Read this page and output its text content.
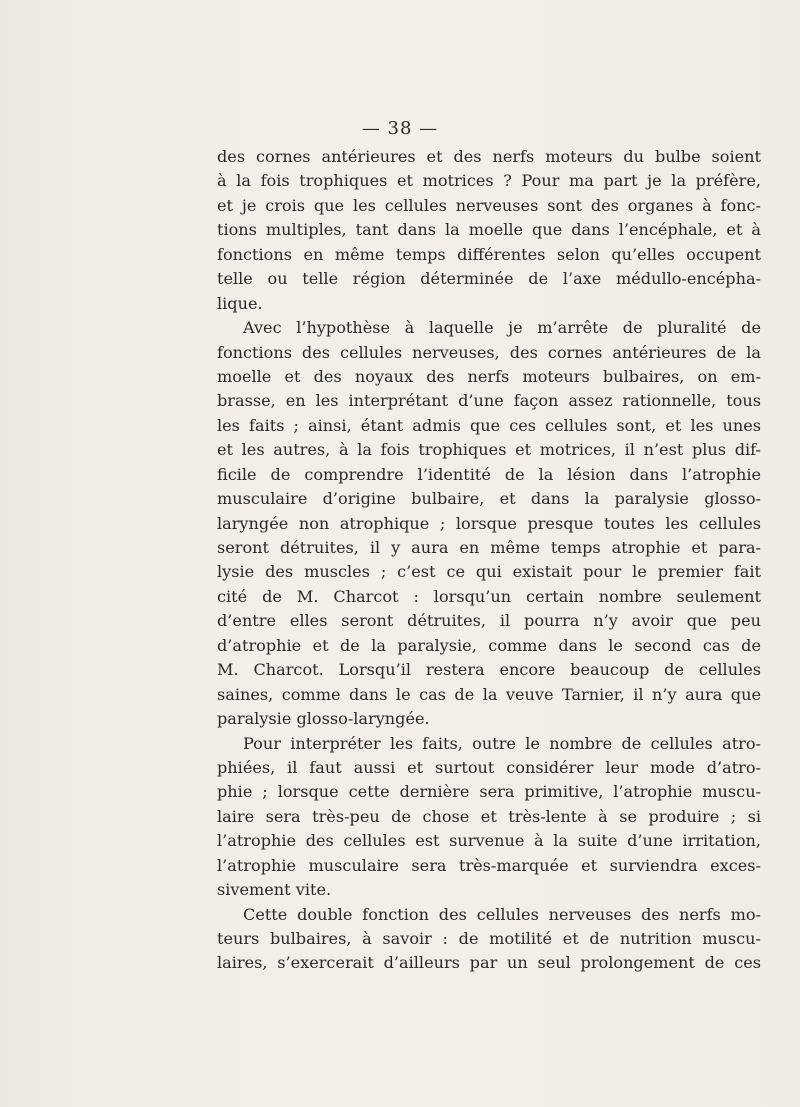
— 38 —
des cornes antérieures et des nerfs moteurs du bulbe soient
à la fois trophiques et motrices ? Pour ma part je la préfère,
et je crois que les cellules nerveuses sont des organes à fonc-
tions multiples, tant dans la moelle que dans l’encéphale, et à
fonctions en même temps différentes selon qu’elles occupent
telle ou telle région déterminée de l’axe médullo-encépha-
lique.
Avec l’hypothèse à laquelle je m’arrête de pluralité de
fonctions des cellules nerveuses, des cornes antérieures de la
moelle et des noyaux des nerfs moteurs bulbaires, on em-
brasse, en les interprétant d’une façon assez rationnelle, tous
les faits ; ainsi, étant admis que ces cellules sont, et les unes
et les autres, à la fois trophiques et motrices, il n’est plus dif-
ficile de comprendre l’identité de la lésion dans l’atrophie
musculaire d’origine bulbaire, et dans la paralysie glosso-
laryngée non atrophique ; lorsque presque toutes les cellules
seront détruites, il y aura en même temps atrophie et para-
lysie des muscles ; c’est ce qui existait pour le premier fait
cité de M. Charcot : lorsqu’un certain nombre seulement
d’entre elles seront détruites, il pourra n’y avoir que peu
d’atrophie et de la paralysie, comme dans le second cas de
M. Charcot. Lorsqu’il restera encore beaucoup de cellules
saines, comme dans le cas de la veuve Tarnier, il n’y aura que
paralysie glosso-laryngée.
Pour interpréter les faits, outre le nombre de cellules atro-
phiées, il faut aussi et surtout considérer leur mode d’atro-
phie ; lorsque cette dernière sera primitive, l’atrophie muscu-
laire sera très-peu de chose et très-lente à se produire ; si
l’atrophie des cellules est survenue à la suite d’une irritation,
l’atrophie musculaire sera très-marquée et surviendra exces-
sivement vite.
Cette double fonction des cellules nerveuses des nerfs mo-
teurs bulbaires, à savoir : de motilité et de nutrition muscu-
laires, s’exercerait d’ailleurs par un seul prolongement de ces
